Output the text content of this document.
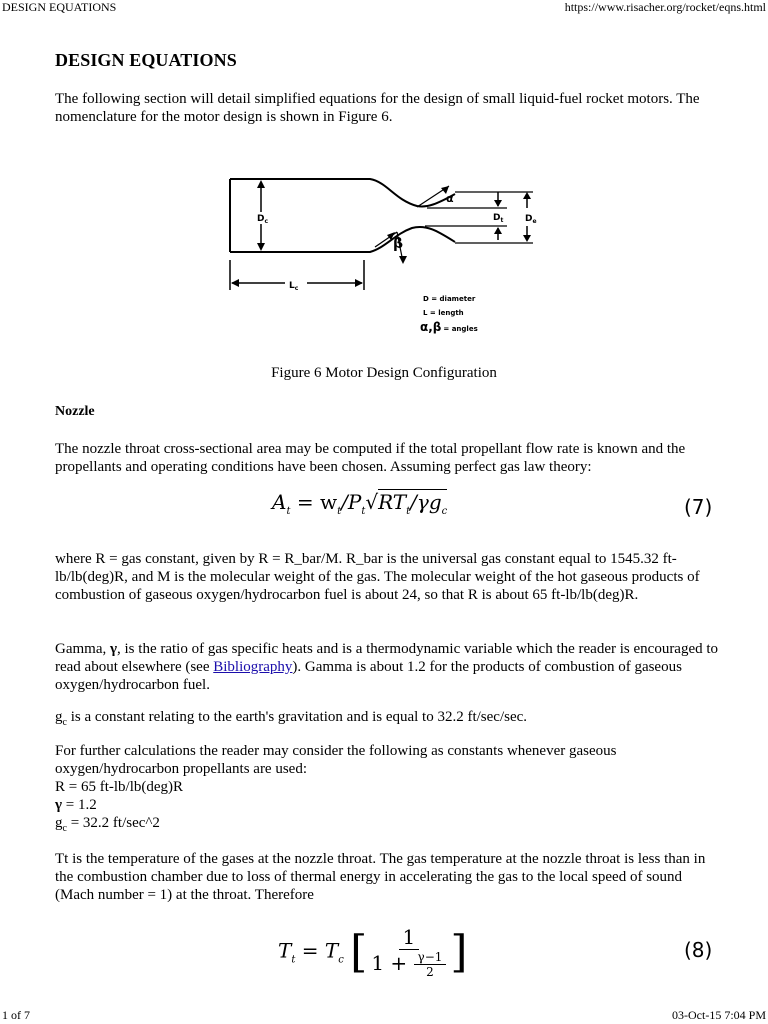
DESIGN EQUATIONS	https://www.risacher.org/rocket/eqns.html
DESIGN EQUATIONS

The following section will detail simplified equations for the design of small liquid-fuel rocket motors. The nomenclature for the motor design is shown in Figure 6.

$D_c$
$L_c$
$D_t$ $D_e$
α
β
D = diameter
L = length
α,β = angles
Figure 6 Motor Design Configuration

Nozzle

The nozzle throat cross-sectional area may be computed if the total propellant flow rate is known and the propellants and operating conditions have been chosen. Assuming perfect gas law theory:

$A_t = w_t/P_t√RT_t/\gamma g_c$	(7)

where R = gas constant, given by R = R_bar/M. R_bar is the universal gas constant equal to 1545.32 ft-lb/lb(deg)R, and M is the molecular weight of the gas. The molecular weight of the hot gaseous products of combustion of gaseous oxygen/hydrocarbon fuel is about 24, so that R is about 65 ft-lb/lb(deg)R.

Gamma, γ, is the ratio of gas specific heats and is a thermodynamic variable which the reader is encouraged to read about elsewhere (see Bibliography). Gamma is about 1.2 for the products of combustion of gaseous oxygen/hydrocarbon fuel.

$g_c$ is a constant relating to the earth's gravitation and is equal to 32.2 ft/sec/sec.

For further calculations the reader may consider the following as constants whenever gaseous oxygen/hydrocarbon propellants are used:

R = 65 ft-lb/lb(deg)R

γ = 1.2

$g_c = 32.2$ ft/sec^2

Tt is the temperature of the gases at the nozzle throat. The gas temperature at the nozzle throat is less than in the combustion chamber due to loss of thermal energy in accelerating the gas to the local speed of sound (Mach number = 1) at the throat. Therefore

$T_t = T_c$ [ $\frac{1}{1 + \frac{\gamma-1}{2}}$ ]	(8)
1 of 7	03-Oct-15 7:04 PM
